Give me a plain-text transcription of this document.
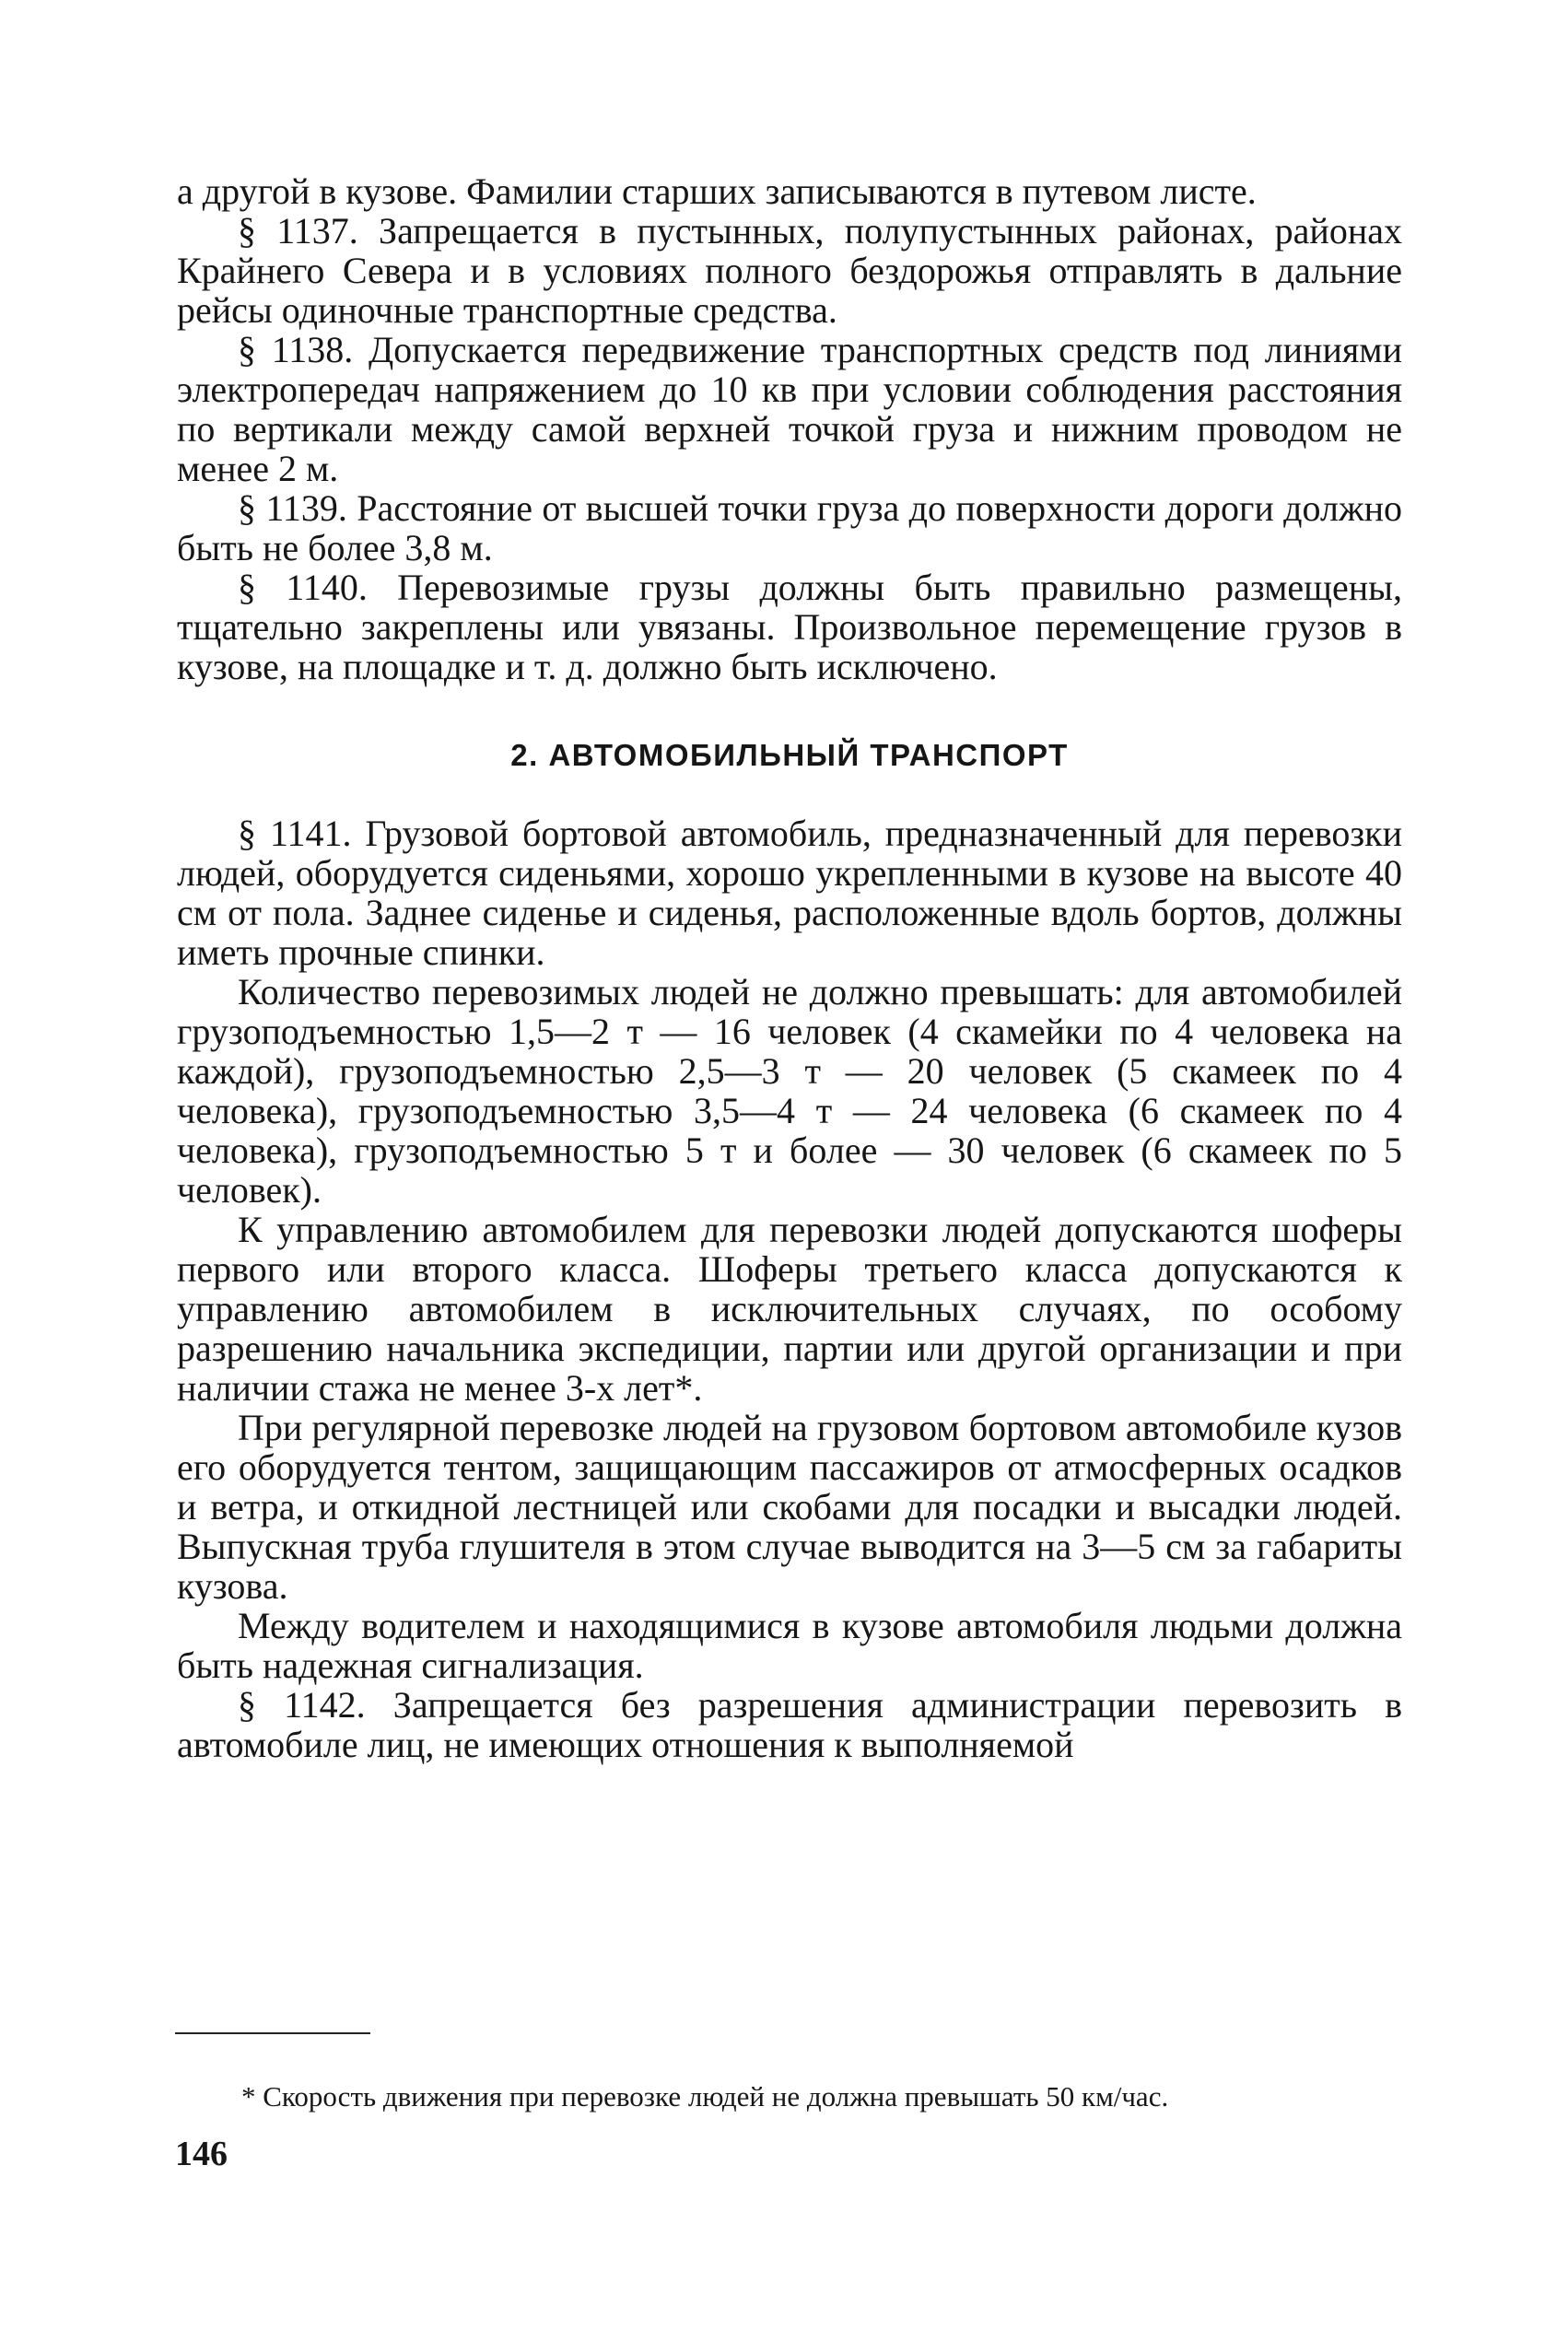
а другой в кузове. Фамилии старших записываются в путевом листе.

§ 1137. Запрещается в пустынных, полупустынных районах, районах Крайнего Севера и в условиях полного бездорожья отправлять в дальние рейсы одиночные транспортные средства.

§ 1138. Допускается передвижение транспортных средств под линиями электропередач напряжением до 10 кв при условии соблюдения расстояния по вертикали между самой верхней точкой груза и нижним проводом не менее 2 м.

§ 1139. Расстояние от высшей точки груза до поверхности дороги должно быть не более 3,8 м.

§ 1140. Перевозимые грузы должны быть правильно размещены, тщательно закреплены или увязаны. Произвольное перемещение грузов в кузове, на площадке и т. д. должно быть исключено.

2. АВТОМОБИЛЬНЫЙ ТРАНСПОРТ

§ 1141. Грузовой бортовой автомобиль, предназначенный для перевозки людей, оборудуется сиденьями, хорошо укрепленными в кузове на высоте 40 см от пола. Заднее сиденье и сиденья, расположенные вдоль бортов, должны иметь прочные спинки.

Количество перевозимых людей не должно превышать: для автомобилей грузоподъемностью 1,5—2 т — 16 человек (4 скамейки по 4 человека на каждой), грузоподъемностью 2,5—3 т — 20 человек (5 скамеек по 4 человека), грузоподъемностью 3,5—4 т — 24 человека (6 скамеек по 4 человека), грузоподъемностью 5 т и более — 30 человек (6 скамеек по 5 человек).

К управлению автомобилем для перевозки людей допускаются шоферы первого или второго класса. Шоферы третьего класса допускаются к управлению автомобилем в исключительных случаях, по особому разрешению начальника экспедиции, партии или другой организации и при наличии стажа не менее 3-х лет*.

При регулярной перевозке людей на грузовом бортовом автомобиле кузов его оборудуется тентом, защищающим пассажиров от атмосферных осадков и ветра, и откидной лестницей или скобами для посадки и высадки людей. Выпускная труба глушителя в этом случае выводится на 3—5 см за габариты кузова.

Между водителем и находящимися в кузове автомобиля людьми должна быть надежная сигнализация.

§ 1142. Запрещается без разрешения администрации перевозить в автомобиле лиц, не имеющих отношения к выполняемой

* Скорость движения при перевозке людей не должна превышать 50 км/час.

146
